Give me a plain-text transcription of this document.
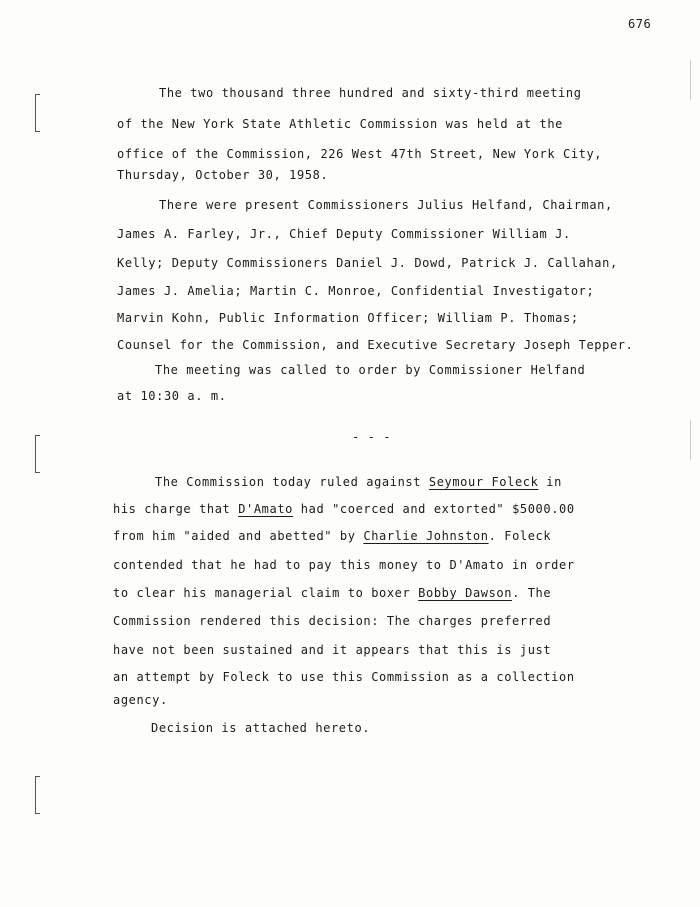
676
The two thousand three hundred and sixty-third meeting
of the New York State Athletic Commission was held at the
office of the Commission, 226 West 47th Street, New York City,
Thursday, October 30, 1958.
There were present Commissioners Julius Helfand, Chairman,
James A. Farley, Jr., Chief Deputy Commissioner William J.
Kelly; Deputy Commissioners Daniel J. Dowd, Patrick J. Callahan,
James J. Amelia; Martin C. Monroe, Confidential Investigator;
Marvin Kohn, Public Information Officer; William P. Thomas;
Counsel for the Commission, and Executive Secretary Joseph Tepper.
The meeting was called to order by Commissioner Helfand
at 10:30 a. m.
- - -
The Commission today ruled against Seymour Foleck in
his charge that D'Amato had "coerced and extorted" $5000.00
from him "aided and abetted" by Charlie Johnston. Foleck
contended that he had to pay this money to D'Amato in order
to clear his managerial claim to boxer Bobby Dawson. The
Commission rendered this decision: The charges preferred
have not been sustained and it appears that this is just
an attempt by Foleck to use this Commission as a collection
agency.
Decision is attached hereto.
